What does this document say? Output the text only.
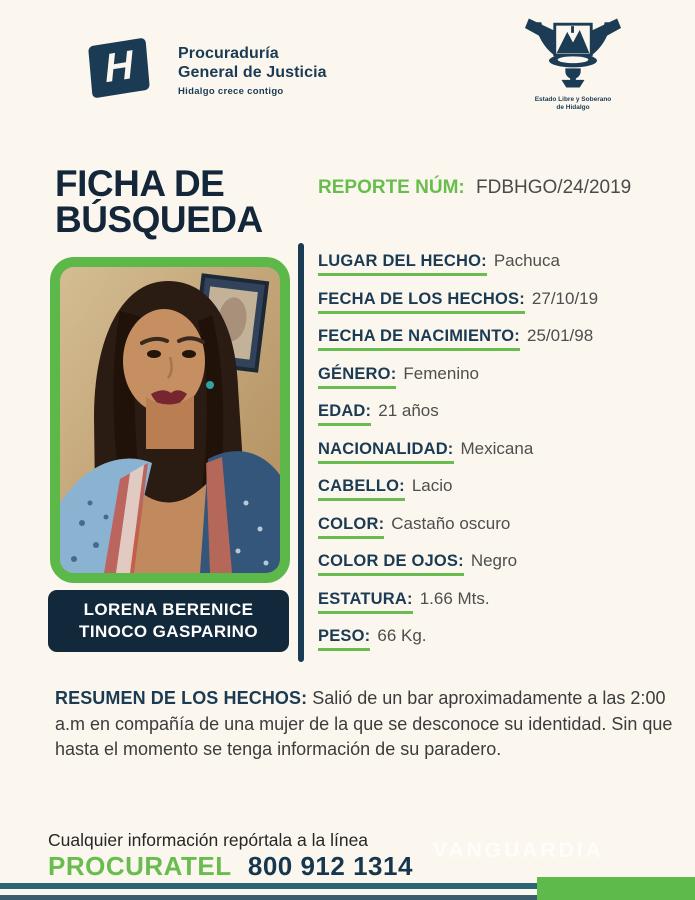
H	Procuraduría
General de Justicia
Hidalgo crece contigo
Estado Libre y Soberano
de Hidalgo
FICHA DE
BÚSQUEDA
REPORTE NÚM: FDBHGO/24/2019
LORENA BERENICE
TINOCO GASPARINO
LUGAR DEL HECHO: Pachuca
FECHA DE LOS HECHOS: 27/10/19
FECHA DE NACIMIENTO: 25/01/98
GÉNERO: Femenino
EDAD: 21 años
NACIONALIDAD: Mexicana
CABELLO: Lacio
COLOR: Castaño oscuro
COLOR DE OJOS: Negro
ESTATURA: 1.66 Mts.
PESO: 66 Kg.
RESUMEN DE LOS HECHOS: Salió de un bar aproximadamente a las 2:00 a.m en compañía de una mujer de la que se desconoce su identidad. Sin que hasta el momento se tenga información de su paradero.
Cualquier información repórtala a la línea
PROCURATEL 800 912 1314
VANGUARDIA
